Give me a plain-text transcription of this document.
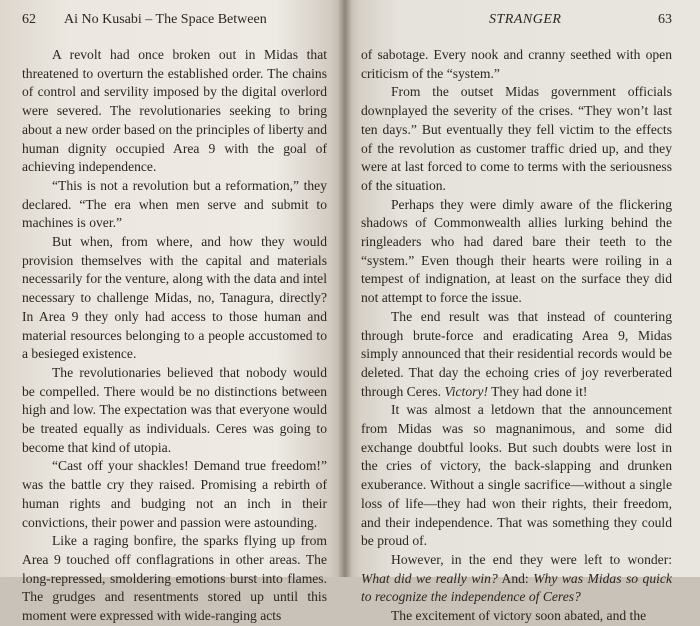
62 Ai No Kusabi – The Space Between

A revolt had once broken out in Midas that threatened to overturn the established order. The chains of control and servility imposed by the digital overlord were severed. The revolutionaries seeking to bring about a new order based on the principles of liberty and human dignity occupied Area 9 with the goal of achieving independence.

“This is not a revolution but a reformation,” they declared. “The era when men serve and submit to machines is over.”

But when, from where, and how they would provision themselves with the capital and materials necessarily for the venture, along with the data and intel necessary to challenge Midas, no, Tanagura, directly? In Area 9 they only had access to those human and material resources belonging to a people accustomed to a besieged existence.

The revolutionaries believed that nobody would be compelled. There would be no distinctions between high and low. The expectation was that everyone would be treated equally as individuals. Ceres was going to become that kind of utopia.

“Cast off your shackles! Demand true freedom!” was the battle cry they raised. Promising a rebirth of human rights and budging not an inch in their convictions, their power and passion were astounding.

Like a raging bonfire, the sparks flying up from Area 9 touched off conflagrations in other areas. The long-repressed, smoldering emotions burst into flames. The grudges and resentments stored up until this moment were expressed with wide-ranging acts

STRANGER	63

of sabotage. Every nook and cranny seethed with open criticism of the “system.”

From the outset Midas government officials downplayed the severity of the crises. “They won’t last ten days.” But eventually they fell victim to the effects of the revolution as customer traffic dried up, and they were at last forced to come to terms with the seriousness of the situation.

Perhaps they were dimly aware of the flickering shadows of Commonwealth allies lurking behind the ringleaders who had dared bare their teeth to the “system.” Even though their hearts were roiling in a tempest of indignation, at least on the surface they did not attempt to force the issue.

The end result was that instead of countering through brute-force and eradicating Area 9, Midas simply announced that their residential records would be deleted. That day the echoing cries of joy reverberated through Ceres. Victory! They had done it!

It was almost a letdown that the announcement from Midas was so magnanimous, and some did exchange doubtful looks. But such doubts were lost in the cries of victory, the back-slapping and drunken exuberance. Without a single sacrifice—without a single loss of life—they had won their rights, their freedom, and their independence. That was something they could be proud of.

However, in the end they were left to wonder: What did we really win? And: Why was Midas so quick to recognize the independence of Ceres?

The excitement of victory soon abated, and the
